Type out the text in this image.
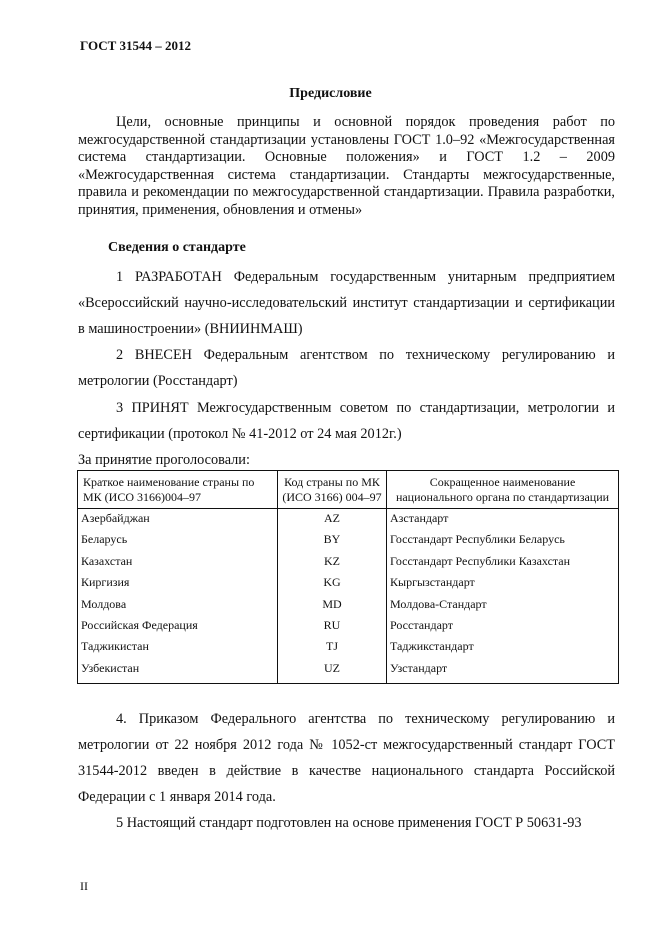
ГОСТ 31544 – 2012
Предисловие

Цели, основные принципы и основной порядок проведения работ по межгосударственной стандартизации установлены ГОСТ 1.0–92 «Межгосударственная система стандартизации. Основные положения» и ГОСТ 1.2 – 2009 «Межгосударственная система стандартизации. Стандарты межгосударственные, правила и рекомендации по межгосударственной стандартизации. Правила разработки, принятия, применения, обновления и отмены»

Сведения о стандарте

1 РАЗРАБОТАН Федеральным государственным унитарным предприятием «Всероссийский научно-исследовательский институт стандартизации и сертификации в машиностроении» (ВНИИНМАШ)

2 ВНЕСЕН Федеральным агентством по техническому регулированию и метрологии (Росстандарт)

3 ПРИНЯТ Межгосударственным советом по стандартизации, метрологии и сертификации (протокол № 41-2012 от 24 мая 2012г.)

За принятие проголосовали:
Краткое наименование страны по МК (ИСО 3166)004–97	Код страны по МК (ИСО 3166) 004–97	Сокращенное наименование национального органа по стандартизации
Азербайджан	AZ	Азстандарт
Беларусь	BY	Госстандарт Республики Беларусь
Казахстан	KZ	Госстандарт Республики Казахстан
Киргизия	KG	Кыргызстандарт
Молдова	MD	Молдова-Стандарт
Российская Федерация	RU	Росстандарт
Таджикистан	TJ	Таджикстандарт
Узбекистан	UZ	Узстандарт

4. Приказом Федерального агентства по техническому регулированию и метрологии от 22 ноября 2012 года № 1052-ст межгосударственный стандарт ГОСТ 31544-2012 введен в действие в качестве национального стандарта Российской Федерации с 1 января 2014 года.

5 Настоящий стандарт подготовлен на основе применения ГОСТ Р 50631-93

II
